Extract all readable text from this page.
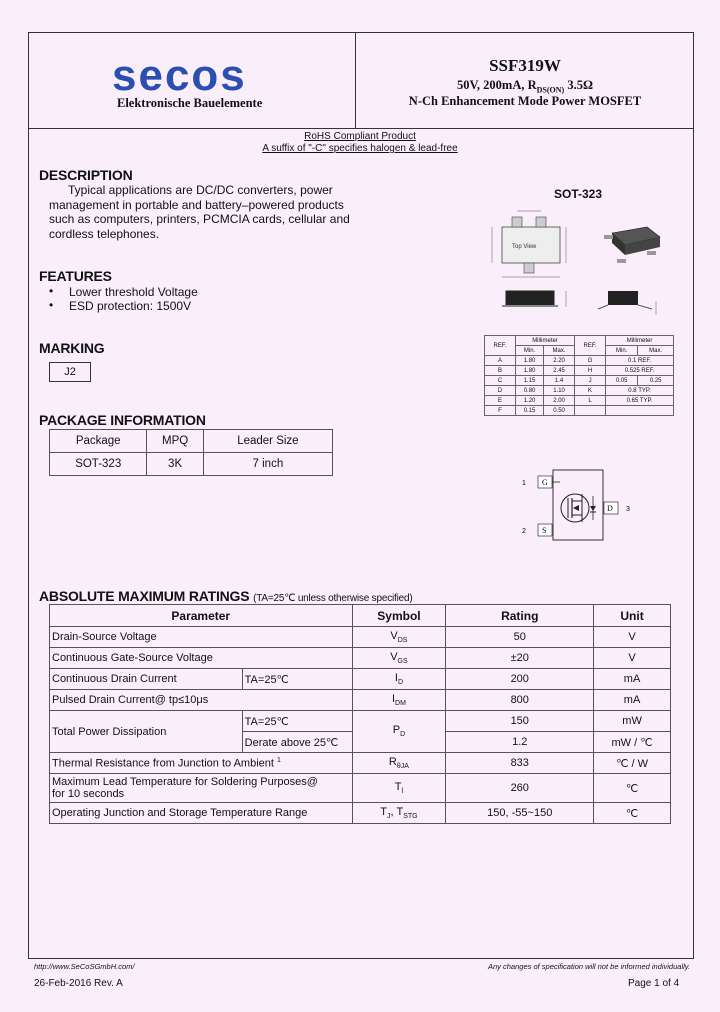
secos
Elektronische Bauelemente
SSF319W
50V, 200mA, $R_{DS(ON)}$ 3.5Ω
N-Ch Enhancement Mode Power MOSFET
RoHS Compliant Product
A suffix of "-C" specifies halogen & lead-free
DESCRIPTION
Typical applications are DC/DC converters, power
management in portable and battery–powered products
such as computers, printers, PCMCIA cards, cellular and
cordless telephones.
FEATURES
• Lower threshold Voltage
• ESD protection: 1500V
MARKING
J2
PACKAGE INFORMATION
Package	MPQ	Leader Size
SOT-323	3K	7 inch
SOT-323
Top View
REF.	Millimeter		REF.	Millimeter	
	Min.	Max.		Min.	Max.
A	1.80	2.20	G	0.1 REF.	
B	1.80	2.45	H	0.525 REF.	
C	1.15	1.4	J	0.05	0.25
D	0.80	1.10	K	0.8 TYP.	
E	1.20	2.00	L	0.65 TYP.	
F	0.15	0.50			
G
S
D
1
2
3
ABSOLUTE MAXIMUM RATINGS (TA=25℃ unless otherwise specified)
Parameter		Symbol	Rating	Unit
Drain-Source Voltage		$V_{DS}$	50	V
Continuous Gate-Source Voltage		$V_{GS}$	±20	V
Continuous Drain Current	TA=25℃	$I_D$	200	mA
Pulsed Drain Current@ tp≤10μs		$I_{DM}$	800	mA
Total Power Dissipation	TA=25℃	$P_D$	150	mW
	Derate above 25℃		1.2	mW / ℃
Thermal Resistance from Junction to Ambient $^1$		$R_{\theta JA}$	833	℃ / W

Maximum Lead Temperature for Soldering Purposes@
for 10 seconds		$T_l$	260	℃
Operating Junction and Storage Temperature Range		$T_J$, $T_{STG}$	150, -55~150	℃
http://www.SeCoSGmbH.com/	Any changes of specification will not be informed individually.
26-Feb-2016 Rev. A	Page 1 of 4
